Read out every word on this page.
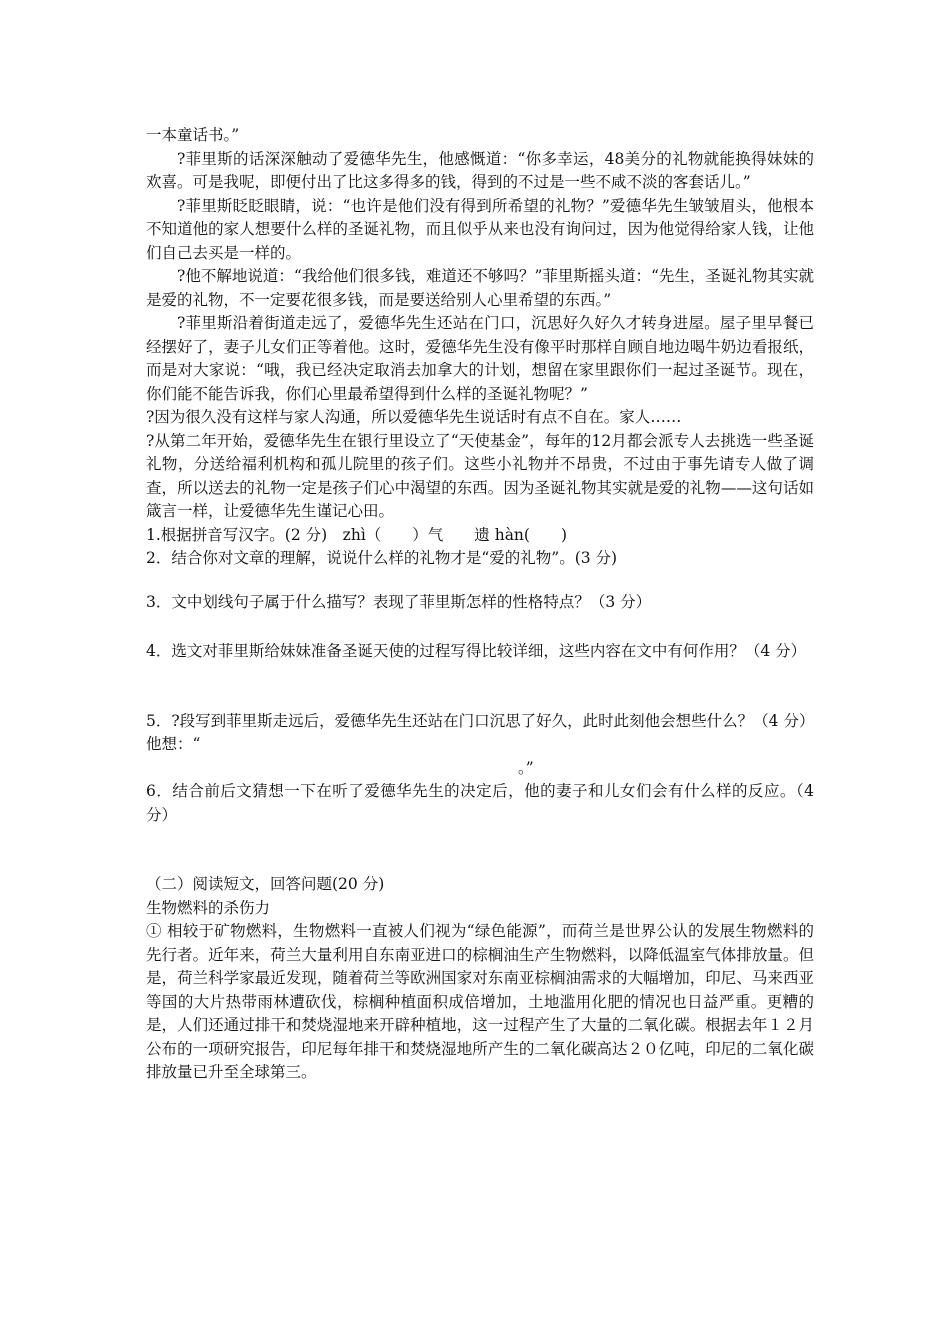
一本童话书。”

?菲里斯的话深深触动了爱德华先生，他感慨道：“你多幸运，48美分的礼物就能换得妹妹的欢喜。可是我呢，即便付出了比这多得多的钱，得到的不过是一些不咸不淡的客套话儿。”

?菲里斯眨眨眼睛，说：“也许是他们没有得到所希望的礼物？”爱德华先生皱皱眉头，他根本不知道他的家人想要什么样的圣诞礼物，而且似乎从来也没有询问过，因为他觉得给家人钱，让他们自己去买是一样的。

?他不解地说道：“我给他们很多钱，难道还不够吗？”菲里斯摇头道：“先生，圣诞礼物其实就是爱的礼物，不一定要花很多钱，而是要送给别人心里希望的东西。”

?菲里斯沿着街道走远了，爱德华先生还站在门口，沉思好久好久才转身进屋。屋子里早餐已经摆好了，妻子儿女们正等着他。这时，爱德华先生没有像平时那样自顾自地边喝牛奶边看报纸，而是对大家说：“哦，我已经决定取消去加拿大的计划，想留在家里跟你们一起过圣诞节。现在，你们能不能告诉我，你们心里最希望得到什么样的圣诞礼物呢？”

?因为很久没有这样与家人沟通，所以爱德华先生说话时有点不自在。家人……

?从第二年开始，爱德华先生在银行里设立了“天使基金”，每年的12月都会派专人去挑选一些圣诞礼物，分送给福利机构和孤儿院里的孩子们。这些小礼物并不昂贵，不过由于事先请专人做了调查，所以送去的礼物一定是孩子们心中渴望的东西。因为圣诞礼物其实就是爱的礼物——这句话如箴言一样，让爱德华先生谨记心田。

1.根据拼音写汉字。(2 分)　zhì（　　）气　　遗 hàn(　　)

2．结合你对文章的理解，说说什么样的礼物才是“爱的礼物”。(3 分)

3．文中划线句子属于什么描写？表现了菲里斯怎样的性格特点？（3 分）

4．选文对菲里斯给妹妹准备圣诞天使的过程写得比较详细，这些内容在文中有何作用？（4 分）

5．?段写到菲里斯走远后，爱德华先生还站在门口沉思了好久，此时此刻他会想些什么？（4 分）

他想：“

。”

6．结合前后文猜想一下在听了爱德华先生的决定后，他的妻子和儿女们会有什么样的反应。（4 分）

（二）阅读短文，回答问题(20 分)

生物燃料的杀伤力

① 相较于矿物燃料，生物燃料一直被人们视为“绿色能源”，而荷兰是世界公认的发展生物燃料的先行者。近年来，荷兰大量利用自东南亚进口的棕榈油生产生物燃料，以降低温室气体排放量。但是，荷兰科学家最近发现，随着荷兰等欧洲国家对东南亚棕榈油需求的大幅增加，印尼、马来西亚等国的大片热带雨林遭砍伐，棕榈种植面积成倍增加，土地滥用化肥的情况也日益严重。更糟的是，人们还通过排干和焚烧湿地来开辟种植地，这一过程产生了大量的二氧化碳。根据去年１２月公布的一项研究报告，印尼每年排干和焚烧湿地所产生的二氧化碳高达２０亿吨，印尼的二氧化碳排放量已升至全球第三。
